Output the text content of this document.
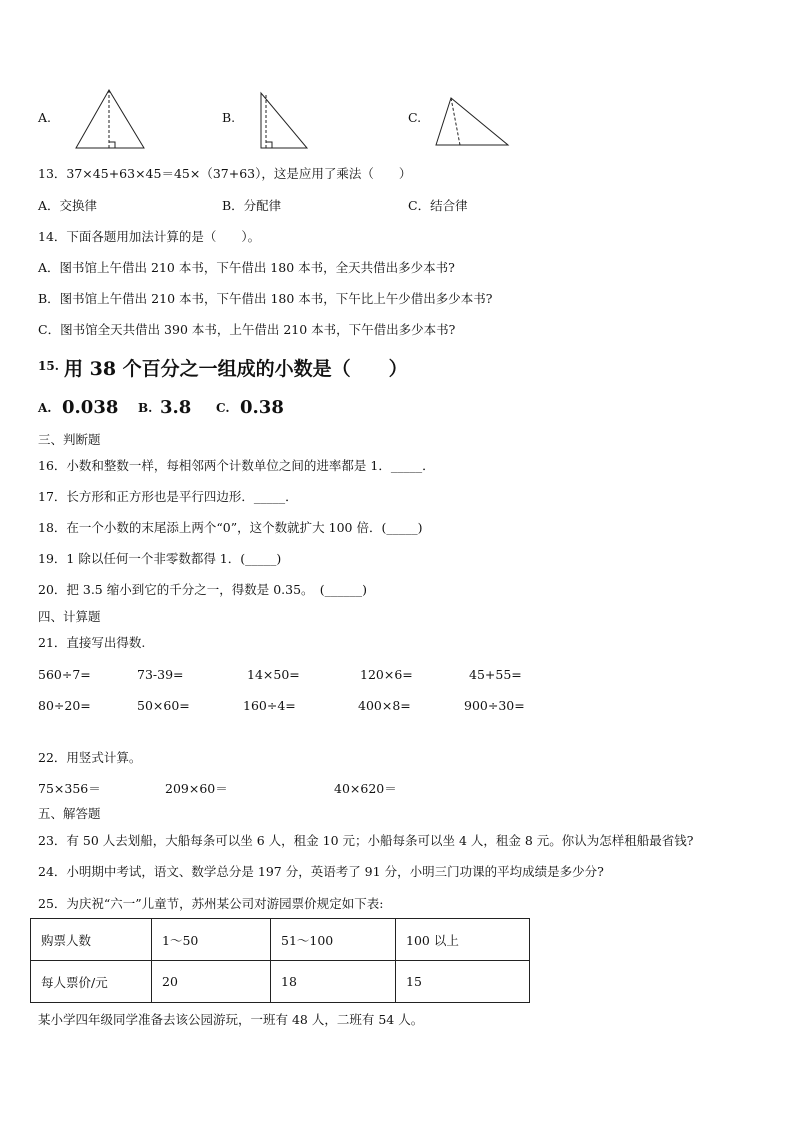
A.	B.	C.
13．37×45+63×45＝45×（37+63），这是应用了乘法（　　）
A．交换律	B．分配律	C．结合律
14．下面各题用加法计算的是（　　）。
A．图书馆上午借出 210 本书，下午借出 180 本书，全天共借出多少本书?
B．图书馆上午借出 210 本书，下午借出 180 本书，下午比上午少借出多少本书?
C．图书馆全天共借出 390 本书，上午借出 210 本书，下午借出多少本书?
15. 用 38 个百分之一组成的小数是（　　）
A. 0.038 B. 3.8 C. 0.38
三、判断题
16．小数和整数一样，每相邻两个计数单位之间的进率都是 1．_____．
17．长方形和正方形也是平行四边形．_____．
18．在一个小数的末尾添上两个“0”，这个数就扩大 100 倍．(_____)
19．1 除以任何一个非零数都得 1．(_____)
20．把 3.5 缩小到它的千分之一，得数是 0.35。　(______)
四、计算题
21．直接写出得数.
560÷7=	73-39=	14×50=	120×6=	45+55=
80÷20=	50×60=	160÷4=	400×8=	900÷30=
22．用竖式计算。
75×356＝	209×60＝	40×620＝
五、解答题
23．有 50 人去划船，大船每条可以坐 6 人，租金 10 元；小船每条可以坐 4 人，租金 8 元。你认为怎样租船最省钱?
24．小明期中考试，语文、数学总分是 197 分，英语考了 91 分，小明三门功课的平均成绩是多少分?
25．为庆祝“六一”儿童节，苏州某公司对游园票价规定如下表:
购票人数	1～50	51～100	100 以上
每人票价/元	20	18	15
某小学四年级同学准备去该公园游玩，一班有 48 人，二班有 54 人。
